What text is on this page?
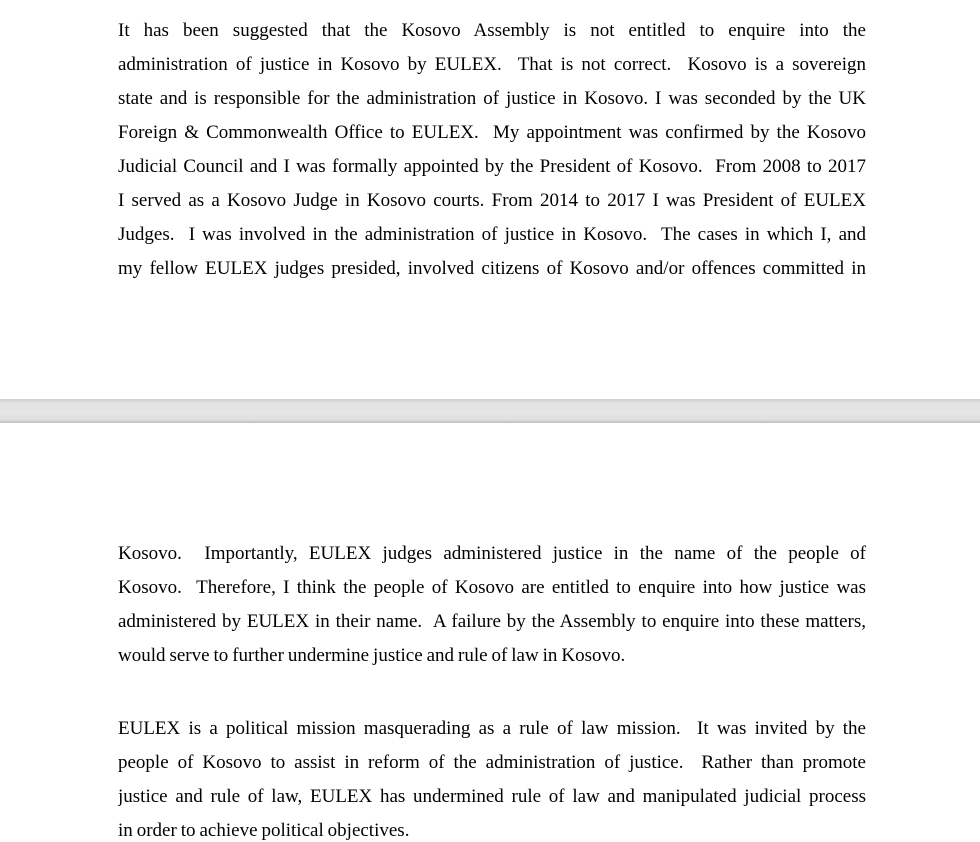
It has been suggested that the Kosovo Assembly is not entitled to enquire into the
administration of justice in Kosovo by EULEX.  That is not correct.  Kosovo is a sovereign
state and is responsible for the administration of justice in Kosovo. I was seconded by the UK
Foreign & Commonwealth Office to EULEX.  My appointment was confirmed by the Kosovo
Judicial Council and I was formally appointed by the President of Kosovo.  From 2008 to 2017
I served as a Kosovo Judge in Kosovo courts. From 2014 to 2017 I was President of EULEX
Judges.  I was involved in the administration of justice in Kosovo.  The cases in which I, and
my fellow EULEX judges presided, involved citizens of Kosovo and/or offences committed in
Kosovo.  Importantly, EULEX judges administered justice in the name of the people of
Kosovo.  Therefore, I think the people of Kosovo are entitled to enquire into how justice was
administered by EULEX in their name.  A failure by the Assembly to enquire into these matters,
would serve to further undermine justice and rule of law in Kosovo.
EULEX is a political mission masquerading as a rule of law mission.  It was invited by the
people of Kosovo to assist in reform of the administration of justice.  Rather than promote
justice and rule of law, EULEX has undermined rule of law and manipulated judicial process
in order to achieve political objectives.
